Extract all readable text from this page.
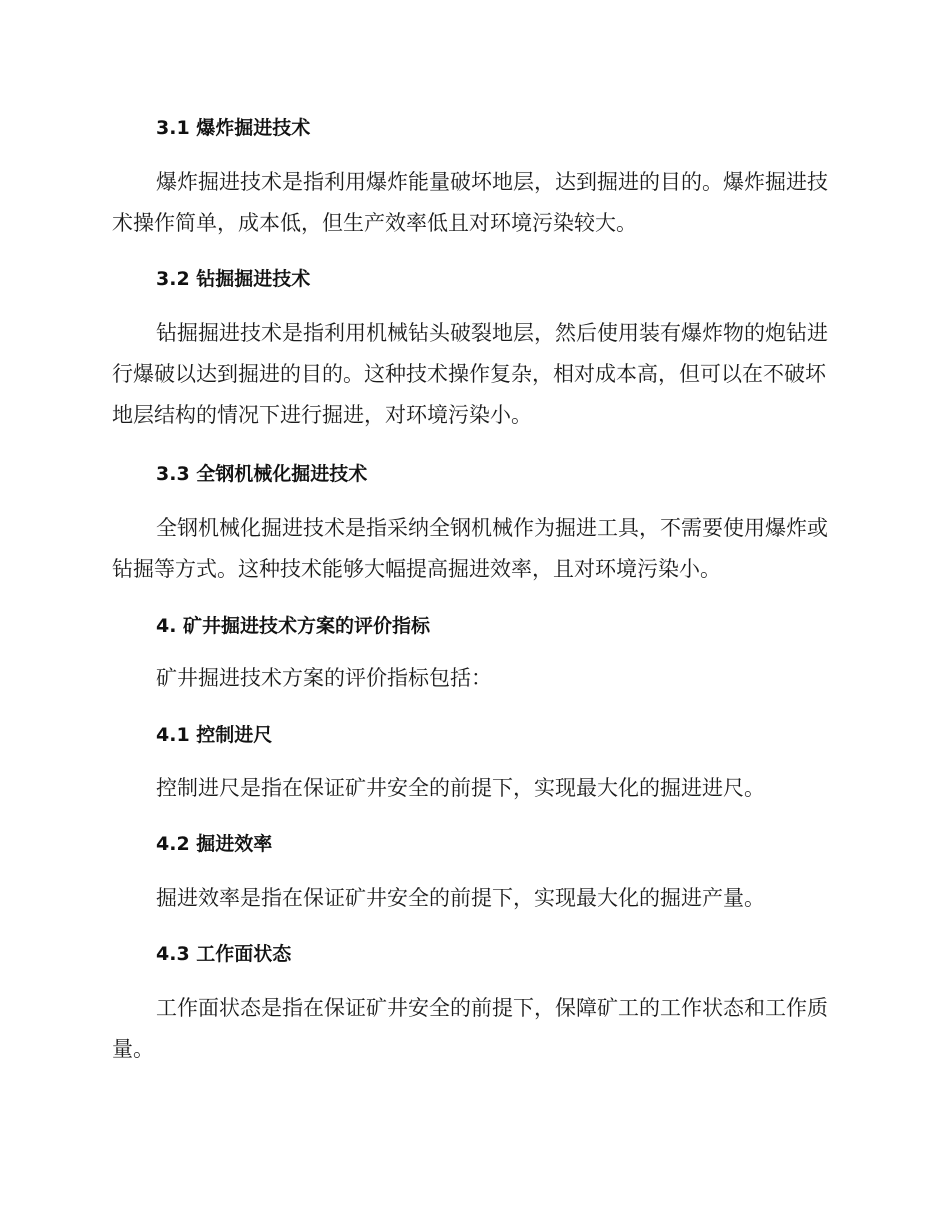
3.1 爆炸掘进技术

爆炸掘进技术是指利用爆炸能量破坏地层，达到掘进的目的。爆炸掘进技术操作简单，成本低，但生产效率低且对环境污染较大。

3.2 钻掘掘进技术

钻掘掘进技术是指利用机械钻头破裂地层，然后使用装有爆炸物的炮钻进行爆破以达到掘进的目的。这种技术操作复杂，相对成本高，但可以在不破坏地层结构的情况下进行掘进，对环境污染小。

3.3 全钢机械化掘进技术

全钢机械化掘进技术是指采纳全钢机械作为掘进工具，不需要使用爆炸或钻掘等方式。这种技术能够大幅提高掘进效率，且对环境污染小。

4. 矿井掘进技术方案的评价指标

矿井掘进技术方案的评价指标包括：

4.1 控制进尺

控制进尺是指在保证矿井安全的前提下，实现最大化的掘进进尺。

4.2 掘进效率

掘进效率是指在保证矿井安全的前提下，实现最大化的掘进产量。

4.3 工作面状态

工作面状态是指在保证矿井安全的前提下，保障矿工的工作状态和工作质量。
